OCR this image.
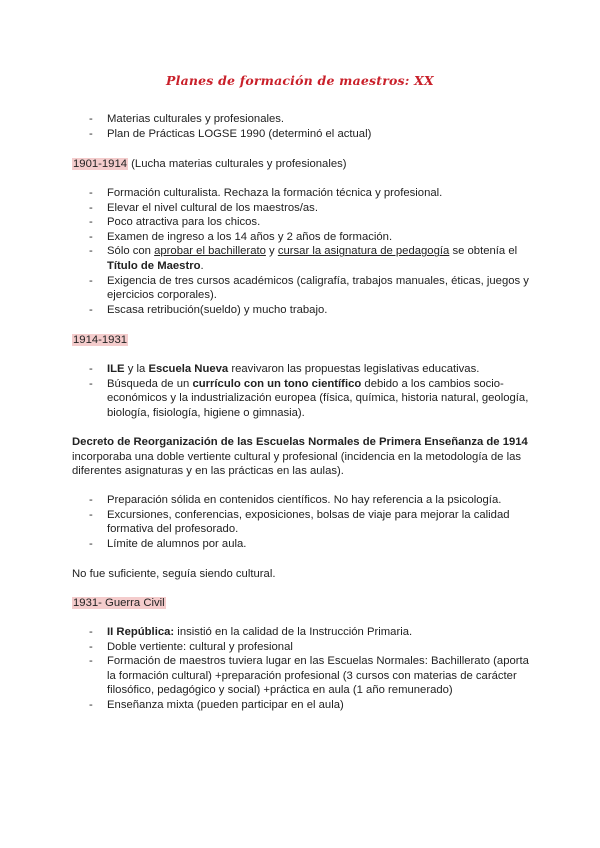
Planes de formación de maestros: XX
- Materias culturales y profesionales.
- Plan de Prácticas LOGSE 1990 (determinó el actual)

1901-1914 (Lucha materias culturales y profesionales)

- Formación culturalista. Rechaza la formación técnica y profesional.
- Elevar el nivel cultural de los maestros/as.
- Poco atractiva para los chicos.
- Examen de ingreso a los 14 años y 2 años de formación.
- Sólo con aprobar el bachillerato y cursar la asignatura de pedagogía se obtenía el Título de Maestro.
- Exigencia de tres cursos académicos (caligrafía, trabajos manuales, éticas, juegos y ejercicios corporales).
- Escasa retribución(sueldo) y mucho trabajo.

1914-1931

- ILE y la Escuela Nueva reavivaron las propuestas legislativas educativas.
- Búsqueda de un currículo con un tono científico debido a los cambios socio-económicos y la industrialización europea (física, química, historia natural, geología, biología, fisiología, higiene o gimnasia).

Decreto de Reorganización de las Escuelas Normales de Primera Enseñanza de 1914 incorporaba una doble vertiente cultural y profesional (incidencia en la metodología de las diferentes asignaturas y en las prácticas en las aulas).

- Preparación sólida en contenidos científicos. No hay referencia a la psicología.
- Excursiones, conferencias, exposiciones, bolsas de viaje para mejorar la calidad formativa del profesorado.
- Límite de alumnos por aula.

No fue suficiente, seguía siendo cultural.

1931- Guerra Civil

- II República: insistió en la calidad de la Instrucción Primaria.
- Doble vertiente: cultural y profesional
- Formación de maestros tuviera lugar en las Escuelas Normales: Bachillerato (aporta la formación cultural) +preparación profesional (3 cursos con materias de carácter filosófico, pedagógico y social) +práctica en aula (1 año remunerado)
- Enseñanza mixta (pueden participar en el aula)
